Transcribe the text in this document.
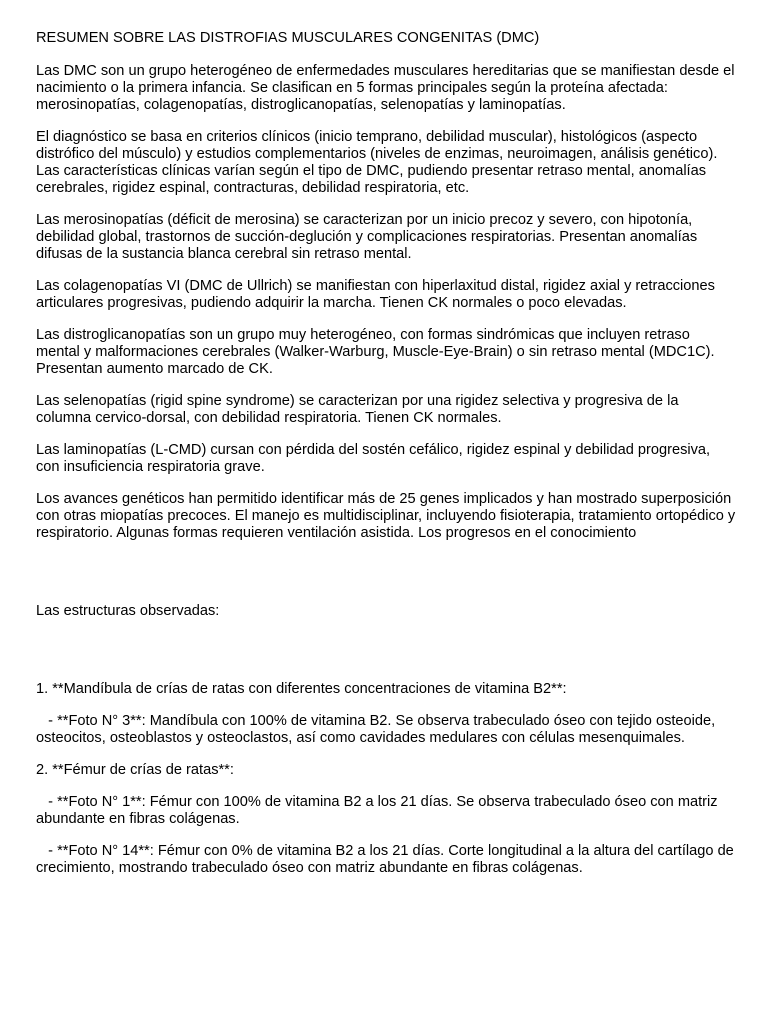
RESUMEN SOBRE LAS DISTROFIAS MUSCULARES CONGENITAS (DMC)

Las DMC son un grupo heterogéneo de enfermedades musculares hereditarias que se manifiestan desde el nacimiento o la primera infancia. Se clasifican en 5 formas principales según la proteína afectada: merosinopatías, colagenopatías, distroglicanopatías, selenopatías y laminopatías.

El diagnóstico se basa en criterios clínicos (inicio temprano, debilidad muscular), histológicos (aspecto distrófico del músculo) y estudios complementarios (niveles de enzimas, neuroimagen, análisis genético). Las características clínicas varían según el tipo de DMC, pudiendo presentar retraso mental, anomalías cerebrales, rigidez espinal, contracturas, debilidad respiratoria, etc.

Las merosinopatías (déficit de merosina) se caracterizan por un inicio precoz y severo, con hipotonía, debilidad global, trastornos de succión-deglución y complicaciones respiratorias. Presentan anomalías difusas de la sustancia blanca cerebral sin retraso mental.

Las colagenopatías VI (DMC de Ullrich) se manifiestan con hiperlaxitud distal, rigidez axial y retracciones articulares progresivas, pudiendo adquirir la marcha. Tienen CK normales o poco elevadas.

Las distroglicanopatías son un grupo muy heterogéneo, con formas sindrómicas que incluyen retraso mental y malformaciones cerebrales (Walker-Warburg, Muscle-Eye-Brain) o sin retraso mental (MDC1C). Presentan aumento marcado de CK.

Las selenopatías (rigid spine syndrome) se caracterizan por una rigidez selectiva y progresiva de la columna cervico-dorsal, con debilidad respiratoria. Tienen CK normales.

Las laminopatías (L-CMD) cursan con pérdida del sostén cefálico, rigidez espinal y debilidad progresiva, con insuficiencia respiratoria grave.

Los avances genéticos han permitido identificar más de 25 genes implicados y han mostrado superposición con otras miopatías precoces. El manejo es multidisciplinar, incluyendo fisioterapia, tratamiento ortopédico y respiratorio. Algunas formas requieren ventilación asistida. Los progresos en el conocimiento

Las estructuras observadas:

1. **Mandíbula de crías de ratas con diferentes concentraciones de vitamina B2**:

- **Foto N° 3**: Mandíbula con 100% de vitamina B2. Se observa trabeculado óseo con tejido osteoide, osteocitos, osteoblastos y osteoclastos, así como cavidades medulares con células mesenquimales.

2. **Fémur de crías de ratas**:

- **Foto N° 1**: Fémur con 100% de vitamina B2 a los 21 días. Se observa trabeculado óseo con matriz abundante en fibras colágenas.

- **Foto N° 14**: Fémur con 0% de vitamina B2 a los 21 días. Corte longitudinal a la altura del cartílago de crecimiento, mostrando trabeculado óseo con matriz abundante en fibras colágenas.
